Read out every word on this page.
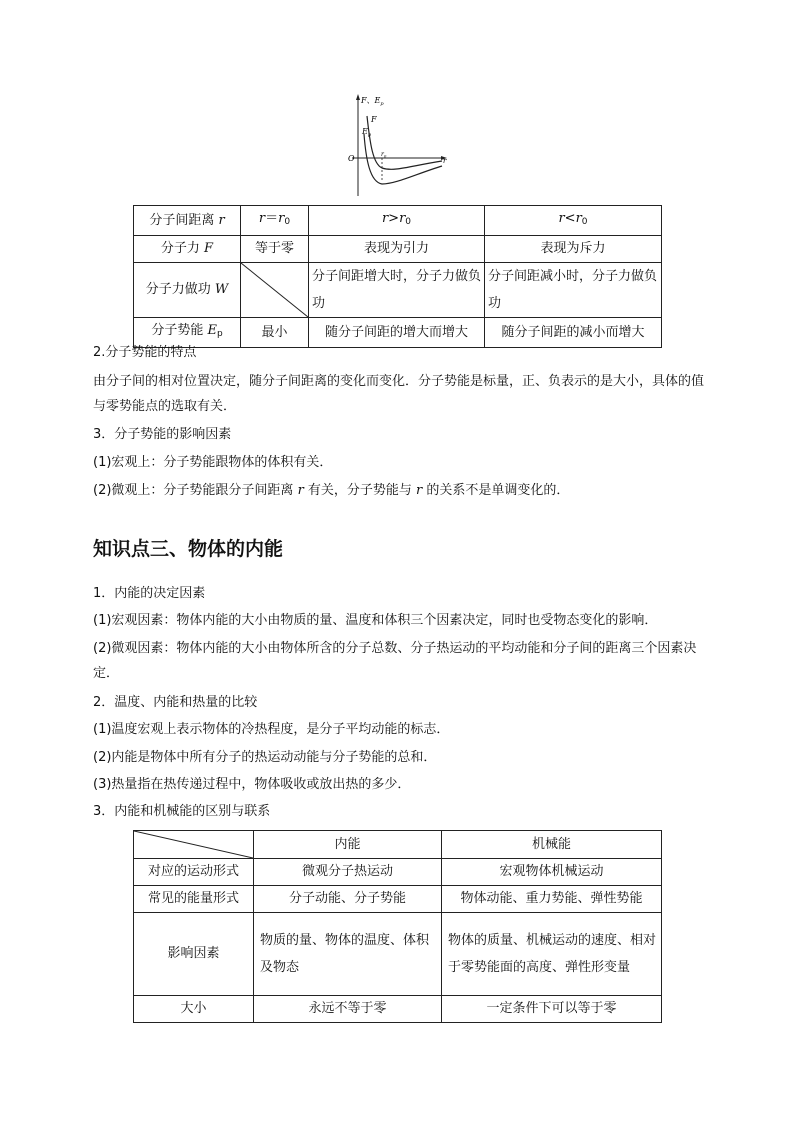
F、$E_p$
F
$E_p$
O	$r_0$
r
分子间距离 r	$r=r_0$	$r>r_0$	$r<r_0$
分子力 F	等于零	表现为引力	表现为斥力
分子力做功 W		分子间距增大时，分子力做负功	分子间距减小时，分子力做负功
分子势能 $E_p$	最小	随分子间距的增大而增大	随分子间距的减小而增大
2.分子势能的特点
由分子间的相对位置决定，随分子间距离的变化而变化．分子势能是标量，正、负表示的是大小，具体的值与零势能点的选取有关．
3．分子势能的影响因素
(1)宏观上：分子势能跟物体的体积有关．
(2)微观上：分子势能跟分子间距离 r 有关，分子势能与 r 的关系不是单调变化的．
知识点三、物体的内能
1．内能的决定因素
(1)宏观因素：物体内能的大小由物质的量、温度和体积三个因素决定，同时也受物态变化的影响．
(2)微观因素：物体内能的大小由物体所含的分子总数、分子热运动的平均动能和分子间的距离三个因素决定．
2．温度、内能和热量的比较
(1)温度宏观上表示物体的冷热程度，是分子平均动能的标志．
(2)内能是物体中所有分子的热运动动能与分子势能的总和．
(3)热量指在热传递过程中，物体吸收或放出热的多少．
3．内能和机械能的区别与联系
	内能	机械能
对应的运动形式	微观分子热运动	宏观物体机械运动
常见的能量形式	分子动能、分子势能	物体动能、重力势能、弹性势能
影响因素	物质的量、物体的温度、体积及物态	物体的质量、机械运动的速度、相对于零势能面的高度、弹性形变量
大小	永远不等于零	一定条件下可以等于零
